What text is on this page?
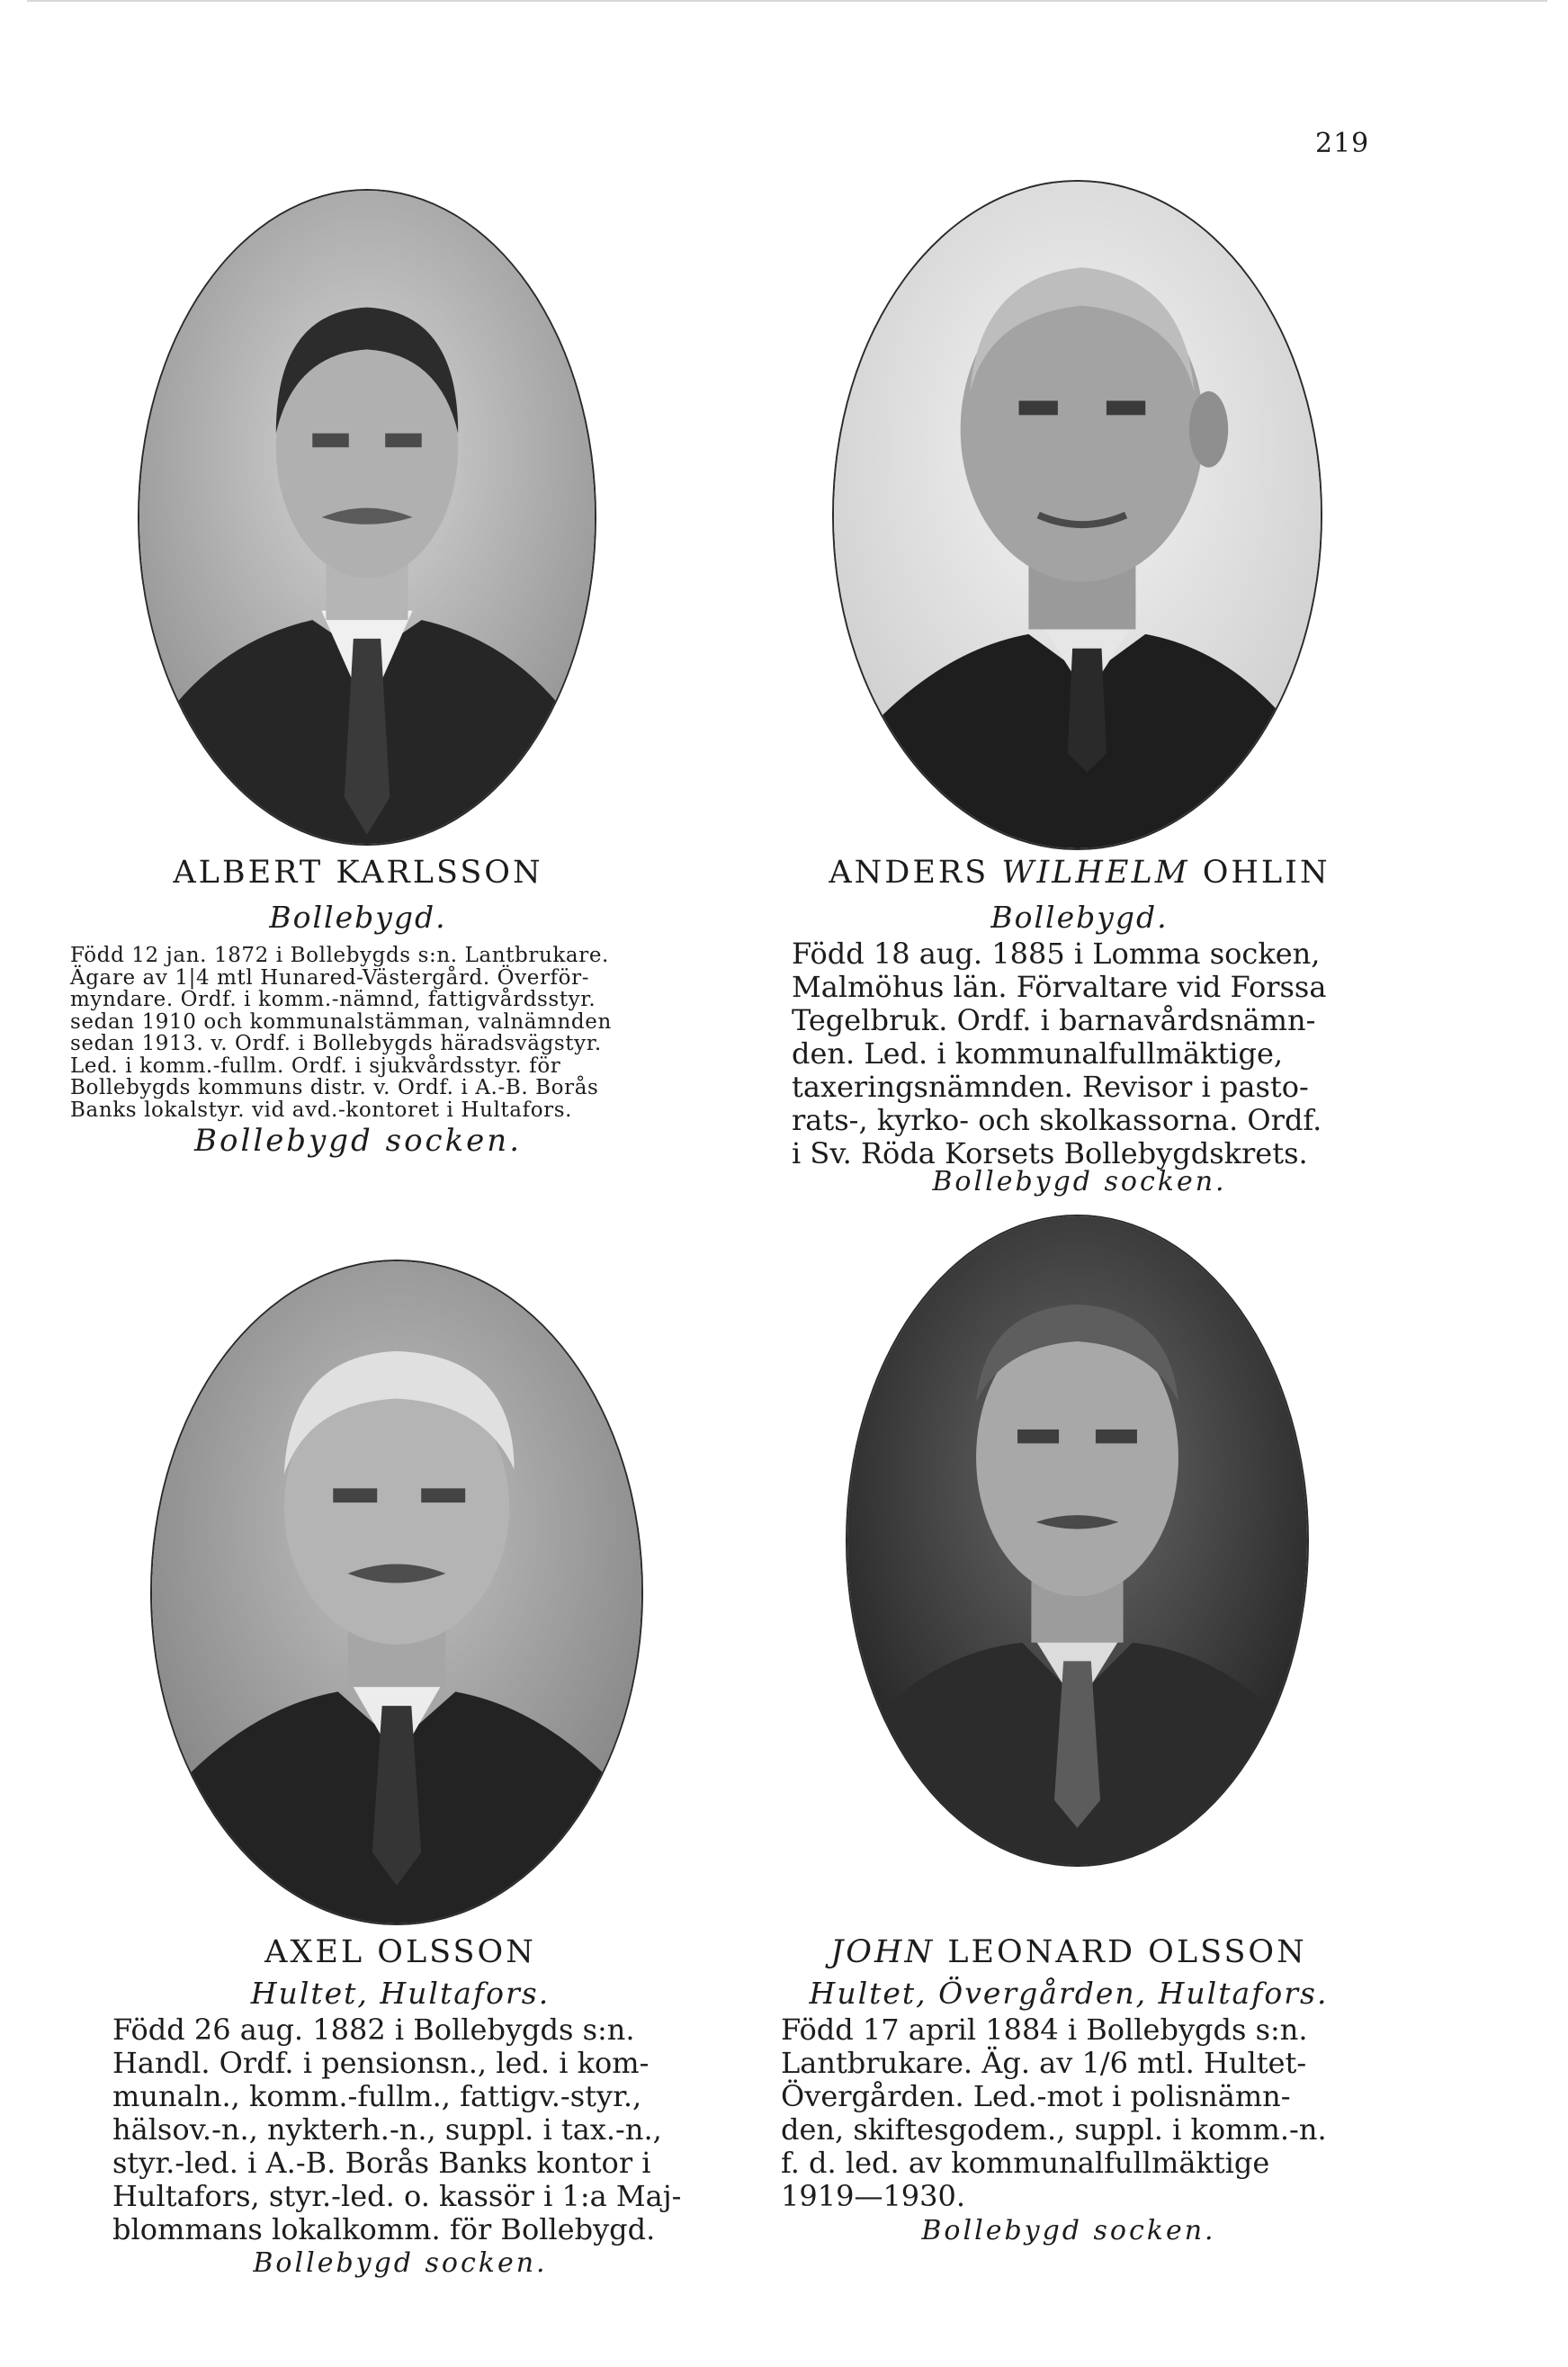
219
ALBERT KARLSSON
Bollebygd.
Född 12 jan. 1872 i Bollebygds s:n. Lantbrukare.
Ägare av 1|4 mtl Hunared-Västergård. Överför-
myndare. Ordf. i komm.-nämnd, fattigvårdsstyr.
sedan 1910 och kommunalstämman, valnämnden
sedan 1913. v. Ordf. i Bollebygds häradsvägstyr.
Led. i komm.-fullm. Ordf. i sjukvårdsstyr. för
Bollebygds kommuns distr. v. Ordf. i A.-B. Borås
Banks lokalstyr. vid avd.-kontoret i Hultafors.
Bollebygd socken.
ANDERS WILHELM OHLIN
Bollebygd.
Född 18 aug. 1885 i Lomma socken,
Malmöhus län. Förvaltare vid Forssa
Tegelbruk. Ordf. i barnavårdsnämn-
den. Led. i kommunalfullmäktige,
taxeringsnämnden. Revisor i pasto-
rats-, kyrko- och skolkassorna. Ordf.
i Sv. Röda Korsets Bollebygdskrets.
Bollebygd socken.
AXEL OLSSON
Hultet, Hultafors.
Född 26 aug. 1882 i Bollebygds s:n.
Handl. Ordf. i pensionsn., led. i kom-
munaln., komm.-fullm., fattigv.-styr.,
hälsov.-n., nykterh.-n., suppl. i tax.-n.,
styr.-led. i A.-B. Borås Banks kontor i
Hultafors, styr.-led. o. kassör i 1:a Maj-
blommans lokalkomm. för Bollebygd.
Bollebygd socken.
JOHN LEONARD OLSSON
Hultet, Övergården, Hultafors.
Född 17 april 1884 i Bollebygds s:n.
Lantbrukare. Äg. av 1/6 mtl. Hultet-
Övergården. Led.-mot i polisnämn-
den, skiftesgodem., suppl. i komm.-n.
f. d. led. av kommunalfullmäktige
1919—1930.
Bollebygd socken.
